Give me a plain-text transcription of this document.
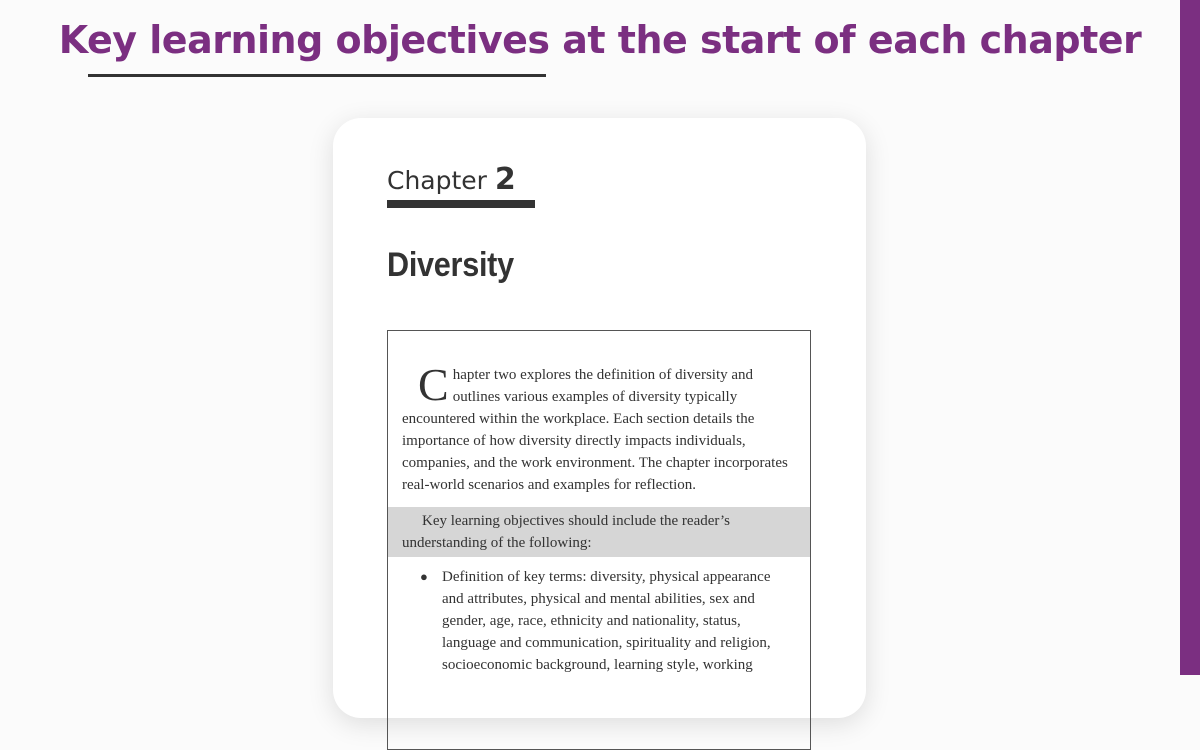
Key learning objectives at the start of each chapter
Chapter 2
Diversity

C hapter two explores the definition of diversity and outlines various examples of diversity typically encountered within the workplace. Each section details the importance of how diversity directly impacts individuals, companies, and the work environment. The chapter incorporates real-world scenarios and examples for reflection.

Key learning objectives should include the reader’s understanding of the following:

● Definition of key terms: diversity, physical appearance and attributes, physical and mental abilities, sex and gender, age, race, ethnicity and nationality, status, language and communication, spirituality and religion, socioeconomic background, learning style, working
